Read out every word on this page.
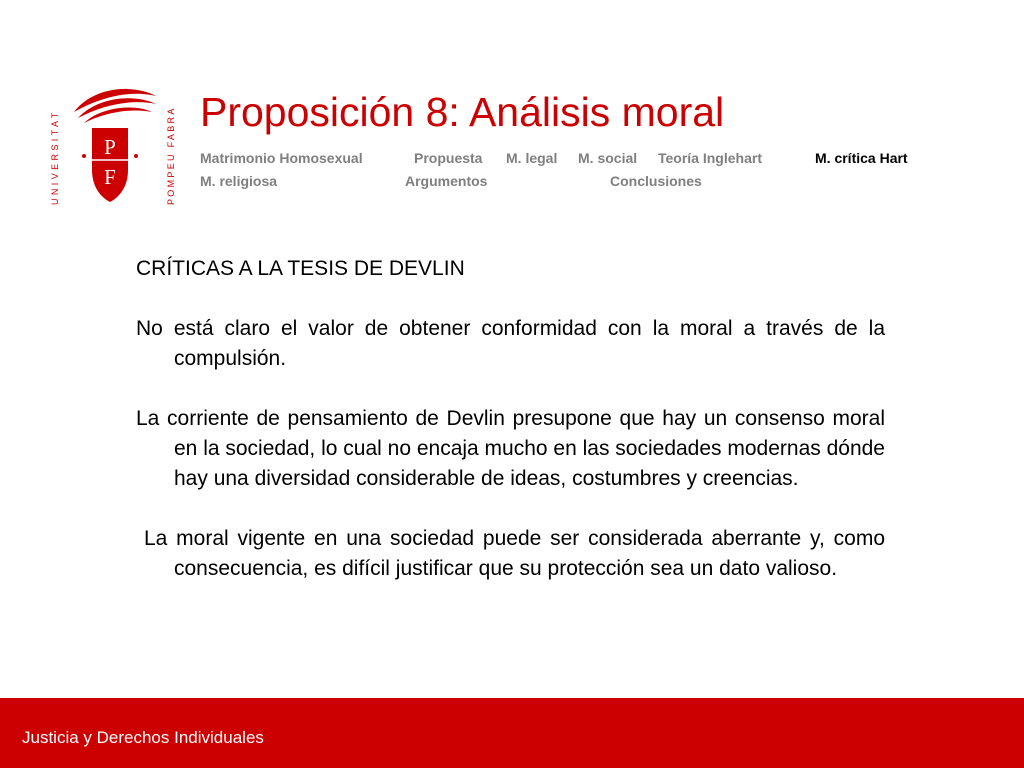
P
F
UNIVERSITAT	POMPEU FABRA Proposición 8: Análisis moral
Matrimonio Homosexual	Propuesta M. legal M. social Teoría Inglehart	M. crítica Hart
M. religiosa	Argumentos	Conclusiones

CRÍTICAS A LA TESIS DE DEVLIN

No está claro el valor de obtener conformidad con la moral a través de la compulsión.

La corriente de pensamiento de Devlin presupone que hay un consenso moral en la sociedad, lo cual no encaja mucho en las sociedades modernas dónde hay una diversidad considerable de ideas, costumbres y creencias.

La moral vigente en una sociedad puede ser considerada aberrante y, como consecuencia, es difícil justificar que su protección sea un dato valioso.

Justicia y Derechos Individuales
